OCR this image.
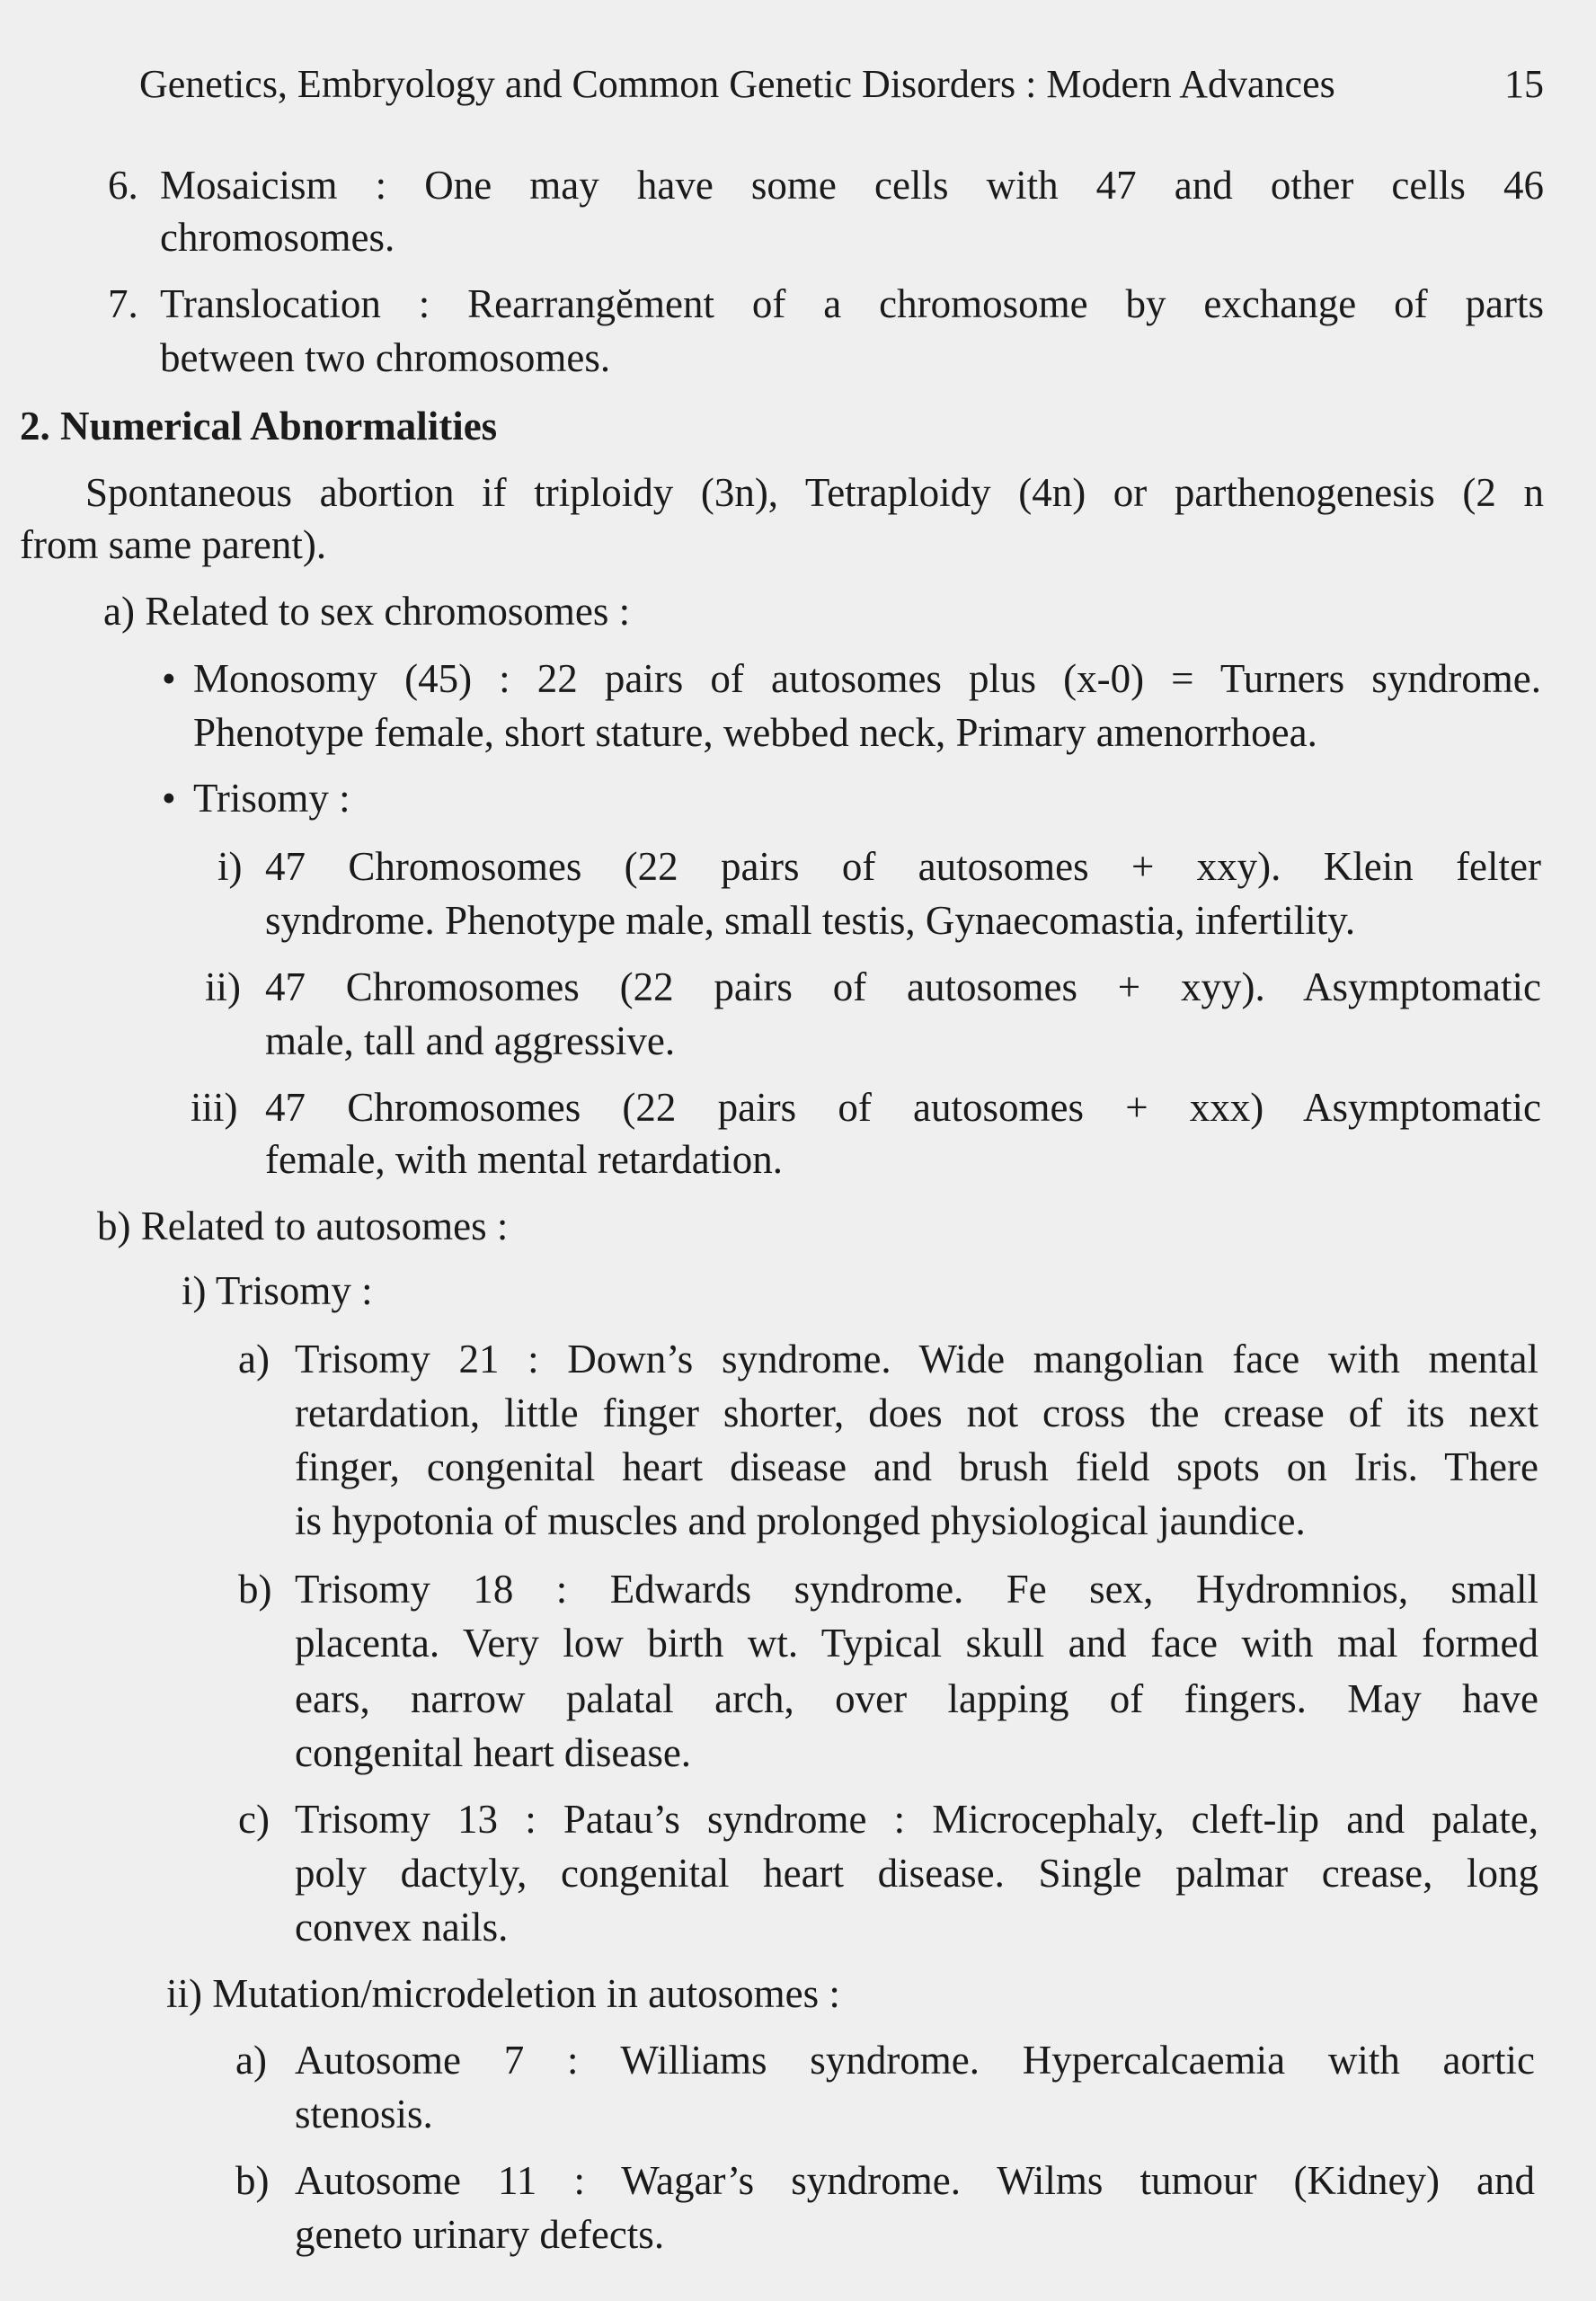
Genetics, Embryology and Common Genetic Disorders : Modern Advances	15
6. Mosaicism : One may have some cells with 47 and other cells 46
chromosomes.
7. Translocation : Rearrangĕment of a chromosome by exchange of parts
between two chromosomes.
2. Numerical Abnormalities
Spontaneous abortion if triploidy (3n), Tetraploidy (4n) or parthenogenesis (2 n
from same parent).
a) Related to sex chromosomes :
• Monosomy (45) : 22 pairs of autosomes plus (x-0) = Turners syndrome.
Phenotype female, short stature, webbed neck, Primary amenorrhoea.
• Trisomy :
i) 47 Chromosomes (22 pairs of autosomes + xxy). Klein felter
syndrome. Phenotype male, small testis, Gynaecomastia, infertility.
ii) 47 Chromosomes (22 pairs of autosomes + xyy). Asymptomatic
male, tall and aggressive.
iii) 47 Chromosomes (22 pairs of autosomes + xxx) Asymptomatic
female, with mental retardation.
b) Related to autosomes :
i) Trisomy :
a) Trisomy 21 : Down’s syndrome. Wide mangolian face with mental
retardation, little finger shorter, does not cross the crease of its next
finger, congenital heart disease and brush field spots on Iris. There
is hypotonia of muscles and prolonged physiological jaundice.
b) Trisomy 18 : Edwards syndrome. Fe sex, Hydromnios, small
placenta. Very low birth wt. Typical skull and face with mal formed
ears, narrow palatal arch, over lapping of fingers. May have
congenital heart disease.
c) Trisomy 13 : Patau’s syndrome : Microcephaly, cleft-lip and palate,
poly dactyly, congenital heart disease. Single palmar crease, long
convex nails.
ii) Mutation/microdeletion in autosomes :
a) Autosome 7 : Williams syndrome. Hypercalcaemia with aortic
stenosis.
b) Autosome 11 : Wagar’s syndrome. Wilms tumour (Kidney) and
geneto urinary defects.
